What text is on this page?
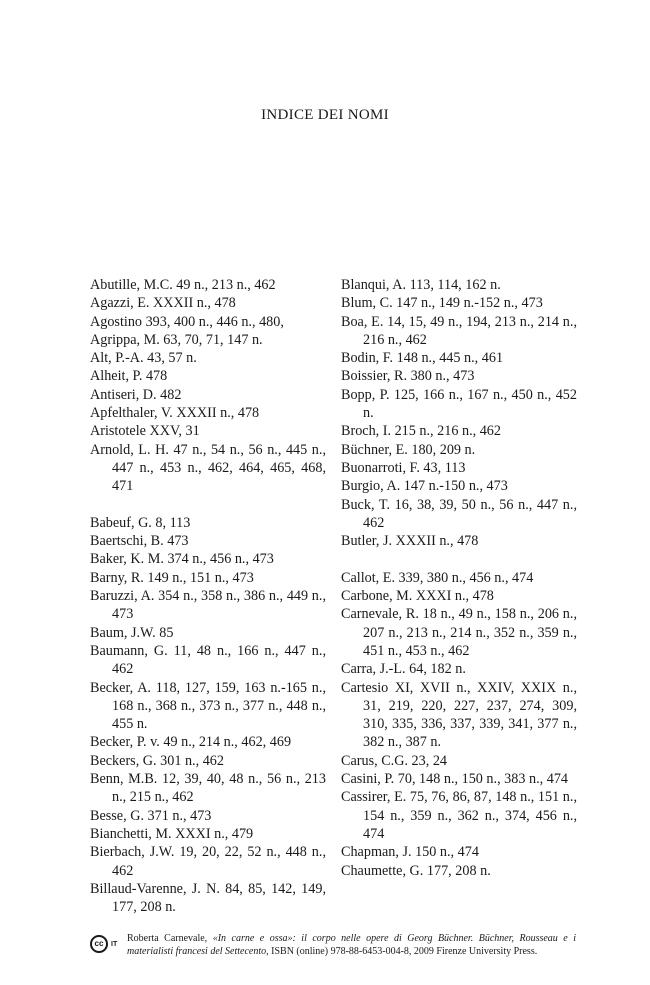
INDICE DEI NOMI
Abutille, M.C. 49 n., 213 n., 462
Agazzi, E. XXXII n., 478
Agostino 393, 400 n., 446 n., 480,
Agrippa, M. 63, 70, 71, 147 n.
Alt, P.-A. 43, 57 n.
Alheit, P. 478
Antiseri, D. 482
Apfelthaler, V. XXXII n., 478
Aristotele XXV, 31
Arnold, L. H. 47 n., 54 n., 56 n., 445 n., 447 n., 453 n., 462, 464, 465, 468, 471
Babeuf, G. 8, 113
Baertschi, B. 473
Baker, K. M. 374 n., 456 n., 473
Barny, R. 149 n., 151 n., 473
Baruzzi, A. 354 n., 358 n., 386 n., 449 n., 473
Baum, J.W. 85
Baumann, G. 11, 48 n., 166 n., 447 n., 462
Becker, A. 118, 127, 159, 163 n.-165 n., 168 n., 368 n., 373 n., 377 n., 448 n., 455 n.
Becker, P. v. 49 n., 214 n., 462, 469
Beckers, G. 301 n., 462
Benn, M.B. 12, 39, 40, 48 n., 56 n., 213 n., 215 n., 462
Besse, G. 371 n., 473
Bianchetti, M. XXXI n., 479
Bierbach, J.W. 19, 20, 22, 52 n., 448 n., 462
Billaud-Varenne, J. N. 84, 85, 142, 149, 177, 208 n.
Blanqui, A. 113, 114, 162 n.
Blum, C. 147 n., 149 n.-152 n., 473
Boa, E. 14, 15, 49 n., 194, 213 n., 214 n., 216 n., 462
Bodin, F. 148 n., 445 n., 461
Boissier, R. 380 n., 473
Bopp, P. 125, 166 n., 167 n., 450 n., 452 n.
Broch, I. 215 n., 216 n., 462
Büchner, E. 180, 209 n.
Buonarroti, F. 43, 113
Burgio, A. 147 n.-150 n., 473
Buck, T. 16, 38, 39, 50 n., 56 n., 447 n., 462
Butler, J. XXXII n., 478
Callot, E. 339, 380 n., 456 n., 474
Carbone, M. XXXI n., 478
Carnevale, R. 18 n., 49 n., 158 n., 206 n., 207 n., 213 n., 214 n., 352 n., 359 n., 451 n., 453 n., 462
Carra, J.-L. 64, 182 n.
Cartesio XI, XVII n., XXIV, XXIX n., 31, 219, 220, 227, 237, 274, 309, 310, 335, 336, 337, 339, 341, 377 n., 382 n., 387 n.
Carus, C.G. 23, 24
Casini, P. 70, 148 n., 150 n., 383 n., 474
Cassirer, E. 75, 76, 86, 87, 148 n., 151 n., 154 n., 359 n., 362 n., 374, 456 n., 474
Chapman, J. 150 n., 474
Chaumette, G. 177, 208 n.
cc	IT
Roberta Carnevale, «In carne e ossa»: il corpo nelle opere di Georg Büchner. Büchner, Rousseau e i materialisti francesi del Settecento, ISBN (online) 978-88-6453-004-8, 2009 Firenze University Press.
